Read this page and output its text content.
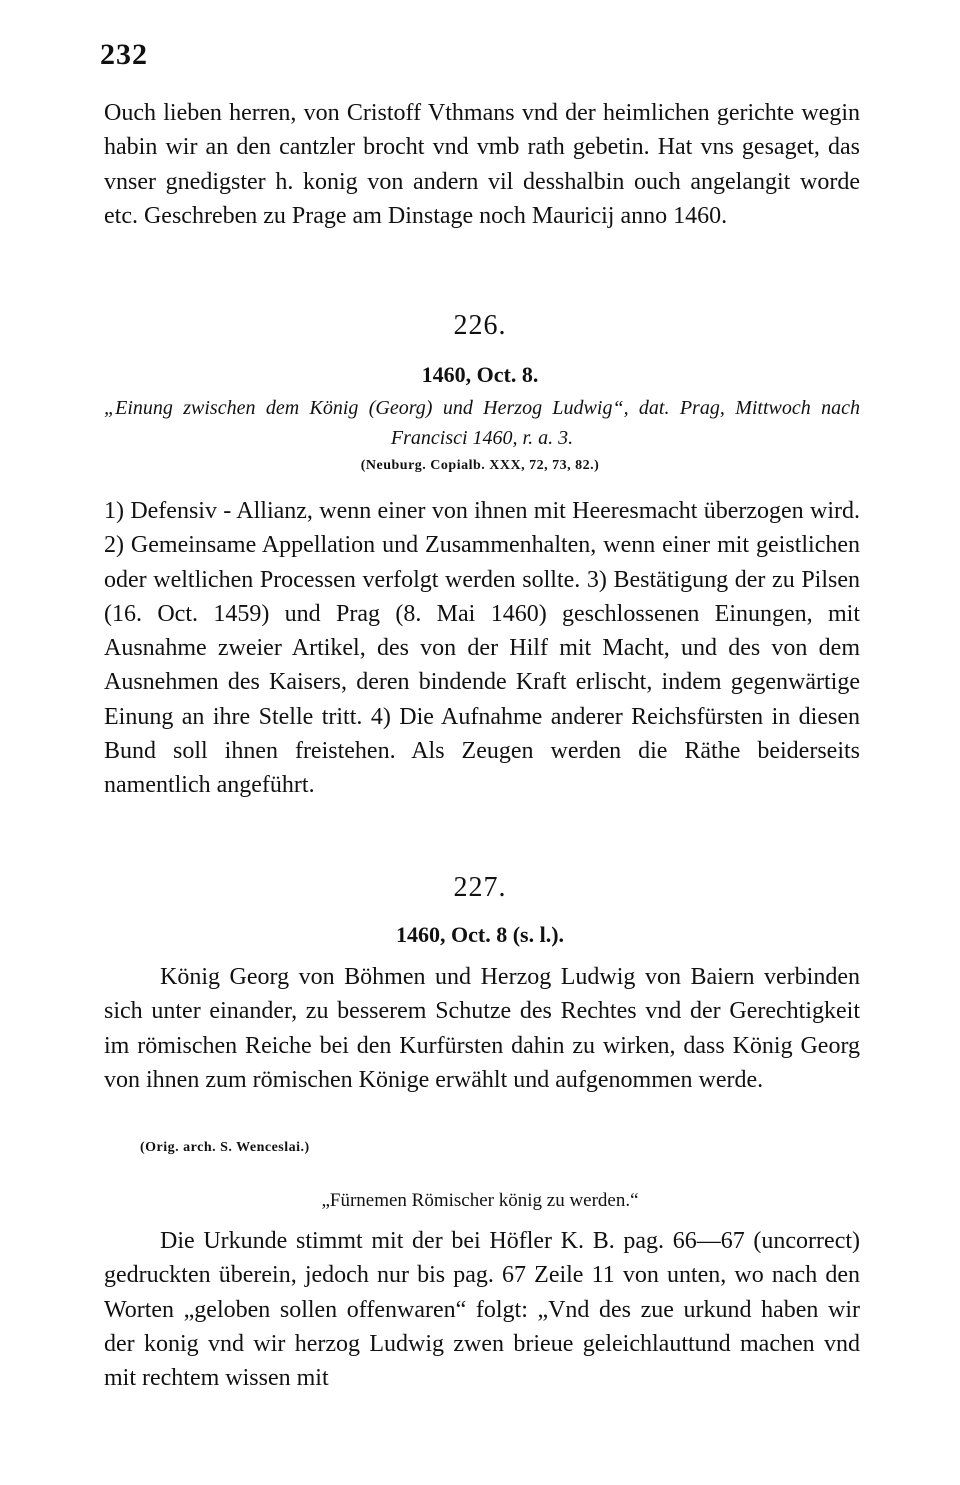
232

Ouch lieben herren, von Cristoff Vthmans vnd der heimlichen gerichte wegin habin wir an den cantzler brocht vnd vmb rath gebetin. Hat vns gesaget, das vnser gnedigster h. konig von andern vil desshalbin ouch angelangit worde etc. Geschreben zu Prage am Dinstage noch Mauricij anno 1460.

226.
1460, Oct. 8.

„Einung zwischen dem König (Georg) und Herzog Ludwig“, dat. Prag, Mittwoch nach Francisci 1460, r. a. 3.

(Neuburg. Copialb. XXX, 72, 73, 82.)

1) Defensiv - Allianz, wenn einer von ihnen mit Heeresmacht überzogen wird. 2) Gemeinsame Appellation und Zusammenhalten, wenn einer mit geistlichen oder weltlichen Processen verfolgt werden sollte. 3) Bestätigung der zu Pilsen (16. Oct. 1459) und Prag (8. Mai 1460) geschlossenen Einungen, mit Ausnahme zweier Artikel, des von der Hilf mit Macht, und des von dem Ausnehmen des Kaisers, deren bindende Kraft erlischt, indem gegenwärtige Einung an ihre Stelle tritt. 4) Die Aufnahme anderer Reichsfürsten in diesen Bund soll ihnen freistehen. Als Zeugen werden die Räthe beiderseits namentlich angeführt.

227.
1460, Oct. 8 (s. l.).

König Georg von Böhmen und Herzog Ludwig von Baiern verbinden sich unter einander, zu besserem Schutze des Rechtes vnd der Gerechtigkeit im römischen Reiche bei den Kurfürsten dahin zu wirken, dass König Georg von ihnen zum römischen Könige erwählt und aufgenommen werde.

(Orig. arch. S. Wenceslai.)
„Fürnemen Römischer könig zu werden.“

Die Urkunde stimmt mit der bei Höfler K. B. pag. 66—67 (uncorrect) gedruckten überein, jedoch nur bis pag. 67 Zeile 11 von unten, wo nach den Worten „geloben sollen offenwaren“ folgt: „Vnd des zue urkund haben wir der konig vnd wir herzog Ludwig zwen brieue geleichlauttund machen vnd mit rechtem wissen mit
